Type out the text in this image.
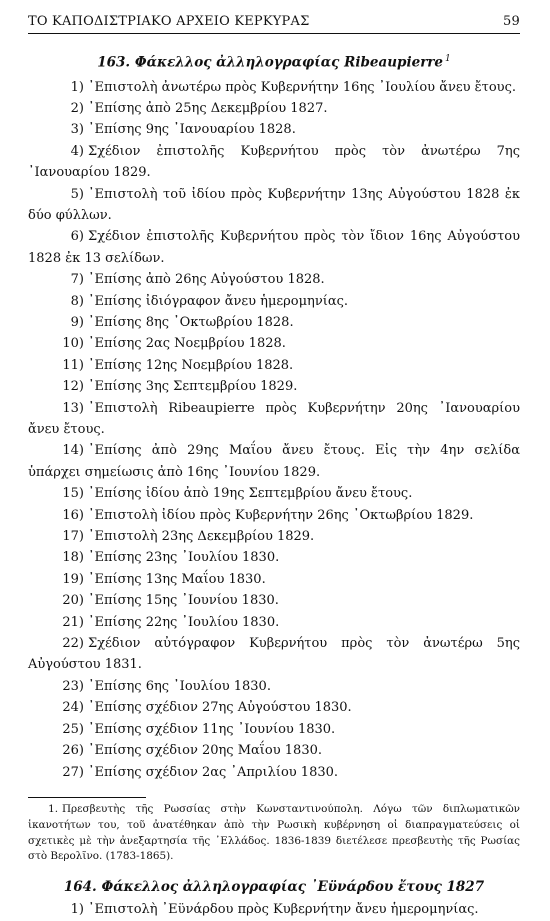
ΤΟ ΚΑΠΟΔΙΣΤΡΙΑΚΟ ΑΡΧΕΙΟ ΚΕΡΚΥΡΑΣ	59
163. Φάκελλος ἀλληλογραφίας Ribeaupierre $^1$
1) ᾿Επιστολὴ ἀνωτέρω πρὸς Κυβερνήτην 16ης ᾿Ιουλίου ἄνευ ἔτους.
2) ᾿Επίσης ἀπὸ 25ης Δεκεμβρίου 1827.
3) ᾿Επίσης 9ης ᾿Ιανουαρίου 1828.
4) Σχέδιον ἐπιστολῆς Κυβερνήτου πρὸς τὸν ἀνωτέρω 7ης ᾿Ιανουαρίου 1829.
5) ᾿Επιστολὴ τοῦ ἰδίου πρὸς Κυβερνήτην 13ης Αὐγούστου 1828 ἐκ δύο φύλλων.
6) Σχέδιον ἐπιστολῆς Κυβερνήτου πρὸς τὸν ἴδιον 16ης Αὐγούστου 1828 ἐκ 13 σελίδων.
7) ᾿Επίσης ἀπὸ 26ης Αὐγούστου 1828.
8) ᾿Επίσης ἰδιόγραφον ἄνευ ἡμερομηνίας.
9) ᾿Επίσης 8ης ᾿Οκτωβρίου 1828.
10) ᾿Επίσης 2ας Νοεμβρίου 1828.
11) ᾿Επίσης 12ης Νοεμβρίου 1828.
12) ᾿Επίσης 3ης Σεπτεμβρίου 1829.
13) ᾿Επιστολὴ Ribeaupierre πρὸς Κυβερνήτην 20ης ᾿Ιανουαρίου ἄνευ ἔτους.
14) ᾿Επίσης ἀπὸ 29ης Μαΐου ἄνευ ἔτους. Εἰς τὴν 4ην σελίδα ὑπάρχει σημείωσις ἀπὸ 16ης ᾿Ιουνίου 1829.
15) ᾿Επίσης ἰδίου ἀπὸ 19ης Σεπτεμβρίου ἄνευ ἔτους.
16) ᾿Επιστολὴ ἰδίου πρὸς Κυβερνήτην 26ης ᾿Οκτωβρίου 1829.
17) ᾿Επιστολὴ 23ης Δεκεμβρίου 1829.
18) ᾿Επίσης 23ης ᾿Ιουλίου 1830.
19) ᾿Επίσης 13ης Μαΐου 1830.
20) ᾿Επίσης 15ης ᾿Ιουνίου 1830.
21) ᾿Επίσης 22ης ᾿Ιουλίου 1830.
22) Σχέδιον αὐτόγραφον Κυβερνήτου πρὸς τὸν ἀνωτέρω 5ης Αὐγούστου 1831.
23) ᾿Επίσης 6ης ᾿Ιουλίου 1830.
24) ᾿Επίσης σχέδιον 27ης Αὐγούστου 1830.
25) ᾿Επίσης σχέδιον 11ης ᾿Ιουνίου 1830.
26) ᾿Επίσης σχέδιον 20ης Μαΐου 1830.
27) ᾿Επίσης σχέδιον 2ας ᾿Απριλίου 1830.
1. Πρεσβευτὴς τῆς Ρωσσίας στὴν Κωνσταντινούπολη. Λόγω τῶν διπλωματικῶν ἱκανοτήτων του, τοῦ ἀνατέθηκαν ἀπὸ τὴν Ρωσικὴ κυβέρνηση οἱ διαπραγματεύσεις οἱ σχετικὲς μὲ τὴν ἀνεξαρτησία τῆς ᾿Ελλάδος. 1836-1839 διετέλεσε πρεσβευτὴς τῆς Ρωσίας στὸ Βερολῖνο. (1783-1865).
164. Φάκελλος ἀλληλογραφίας ᾿Εϋνάρδου ἔτους 1827
1) ᾿Επιστολὴ ᾿Εϋνάρδου πρὸς Κυβερνήτην ἄνευ ἡμερομηνίας.
